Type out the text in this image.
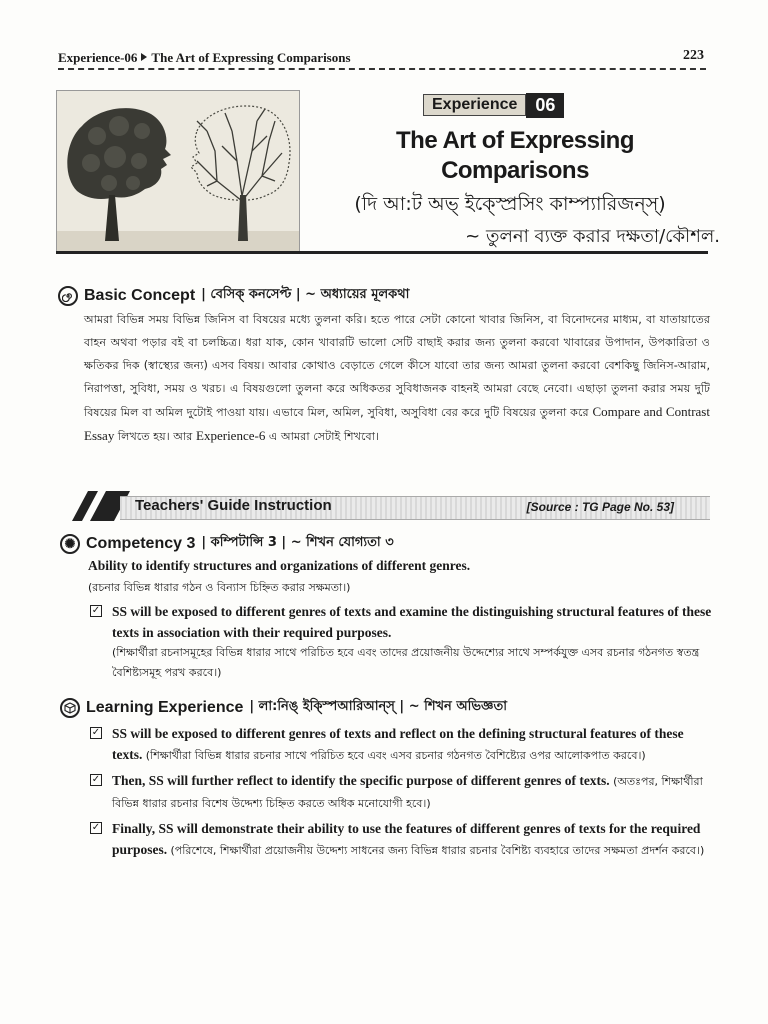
Experience-06 The Art of Expressing Comparisons	223
Experience	06
The Art of Expressing
Comparisons
(দি আ:ট অভ্ ইক্স্প্রেসিং কাম্প্যারিজন্স্)
~ তুলনা ব্যক্ত করার দক্ষতা/কৌশল.
Basic Concept | বেসিক্ কনসেপ্ট | ~ অধ্যায়ের মূলকথা
আমরা বিভিন্ন সময় বিভিন্ন জিনিস বা বিষয়ের মধ্যে তুলনা করি। হতে পারে সেটা কোনো খাবার জিনিস, বা বিনোদনের মাধ্যম, বা যাতায়াতের বাহন অথবা পড়ার বই বা চলচ্চিত্র। ধরা যাক, কোন খাবারটি ভালো সেটি বাছাই করার জন্য তুলনা করবো খাবারের উপাদান, উপকারিতা ও ক্ষতিকর দিক (স্বাস্থ্যের জন্য) এসব বিষয়। আবার কোথাও বেড়াতে গেলে কীসে যাবো তার জন্য আমরা তুলনা করবো বেশকিছু জিনিস-আরাম, নিরাপত্তা, সুবিধা, সময় ও খরচ। এ বিষয়গুলো তুলনা করে অধিকতর সুবিধাজনক বাহনই আমরা বেছে নেবো। এছাড়া তুলনা করার সময় দুটি বিষয়ের মিল বা অমিল দুটোই পাওয়া যায়। এভাবে মিল, অমিল, সুবিধা, অসুবিধা বের করে দুটি বিষয়ের তুলনা করে Compare and Contrast Essay লিখতে হয়। আর Experience-6 এ আমরা সেটাই শিখবো।
Teachers' Guide Instruction	[Source : TG Page No. 53]
✺ Competency 3 | কম্পিটান্সি 3 | ~ শিখন যোগ্যতা ৩
Ability to identify structures and organizations of different genres.
(রচনার বিভিন্ন ধারার গঠন ও বিন্যাস চিহ্নিত করার সক্ষমতা।)
✓ SS will be exposed to different genres of texts and examine the distinguishing structural features of these texts in association with their required purposes.
(শিক্ষার্থীরা রচনাসমূহের বিভিন্ন ধারার সাথে পরিচিত হবে এবং তাদের প্রয়োজনীয় উদ্দেশ্যের সাথে সম্পর্কযুক্ত এসব রচনার গঠনগত স্বতন্ত্র বৈশিষ্ট্যসমূহ পরখ করবে।)
Learning Experience | লা:নিঙ্ ইক্স্পিআরিআন্স্ | ~ শিখন অভিজ্ঞতা
✓ SS will be exposed to different genres of texts and reflect on the defining structural features of these texts. (শিক্ষার্থীরা বিভিন্ন ধারার রচনার সাথে পরিচিত হবে এবং এসব রচনার গঠনগত বৈশিষ্ট্যের ওপর আলোকপাত করবে।)
✓ Then, SS will further reflect to identify the specific purpose of different genres of texts. (অতঃপর, শিক্ষার্থীরা বিভিন্ন ধারার রচনার বিশেষ উদ্দেশ্য চিহ্নিত করতে অধিক মনোযোগী হবে।)
✓ Finally, SS will demonstrate their ability to use the features of different genres of texts for the required purposes. (পরিশেষে, শিক্ষার্থীরা প্রয়োজনীয় উদ্দেশ্য সাধনের জন্য বিভিন্ন ধারার রচনার বৈশিষ্ট্য ব্যবহারে তাদের সক্ষমতা প্রদর্শন করবে।)
